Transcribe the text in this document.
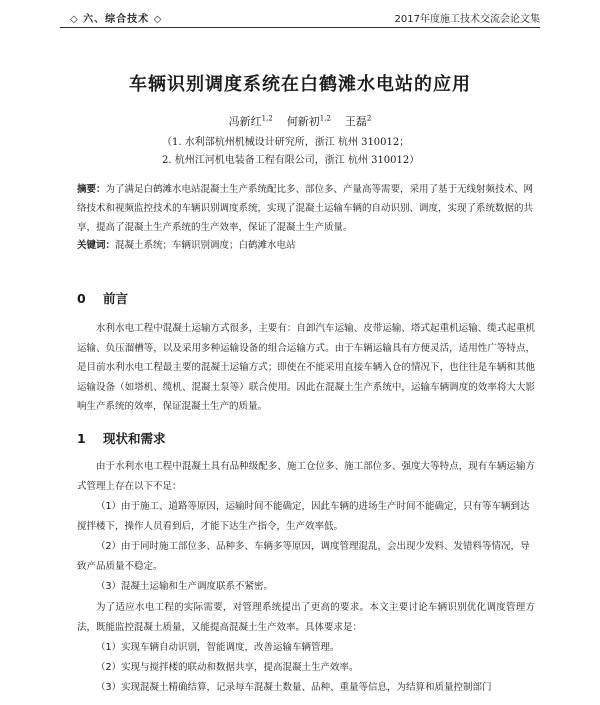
◇ 六、综合技术 ◇	2017年度施工技术交流会论文集
车辆识别调度系统在白鹤滩水电站的应用
冯新红$^{1,2}$ 何新初$^{1,2}$ 王磊$^2$
（1. 水利部杭州机械设计研究所，浙江 杭州 310012；
2. 杭州江河机电装备工程有限公司，浙江 杭州 310012）
摘要：为了满足白鹤滩水电站混凝土生产系统配比多、部位多、产量高等需要，采用了基于无线射频技术、网络技术和视频监控技术的车辆识别调度系统，实现了混凝土运输车辆的自动识别、调度，实现了系统数据的共享，提高了混凝土生产系统的生产效率，保证了混凝土生产质量。
关键词：混凝土系统；车辆识别调度；白鹤滩水电站
0 前言
水利水电工程中混凝土运输方式很多，主要有：自卸汽车运输、皮带运输、塔式起重机运输、缆式起重机运输、负压溜槽等，以及采用多种运输设备的组合运输方式。由于车辆运输具有方便灵活，适用性广等特点，是目前水利水电工程最主要的混凝土运输方式；即使在不能采用直接车辆入仓的情况下，也往往是车辆和其他运输设备（如塔机、缆机、混凝土泵等）联合使用。因此在混凝土生产系统中，运输车辆调度的效率将大大影响生产系统的效率，保证混凝土生产的质量。
1 现状和需求
由于水利水电工程中混凝土具有品种级配多、施工仓位多、施工部位多、强度大等特点，现有车辆运输方式管理上存在以下不足：
（1）由于施工、道路等原因，运输时间不能确定，因此车辆的进场生产时间不能确定，只有等车辆到达搅拌楼下，操作人员看到后，才能下达生产指令，生产效率低。
（2）由于同时施工部位多、品种多、车辆多等原因，调度管理混乱，会出现少发料、发错料等情况，导致产品质量不稳定。
（3）混凝土运输和生产调度联系不紧密。
为了适应水电工程的实际需要，对管理系统提出了更高的要求。本文主要讨论车辆识别优化调度管理方法，既能监控混凝土质量，又能提高混凝土生产效率。具体要求是：
（1）实现车辆自动识别，智能调度，改善运输车辆管理。
（2）实现与搅拌楼的联动和数据共享，提高混凝土生产效率。
（3）实现混凝土精确结算，记录每车混凝土数量、品种、重量等信息，为结算和质量控制部门
